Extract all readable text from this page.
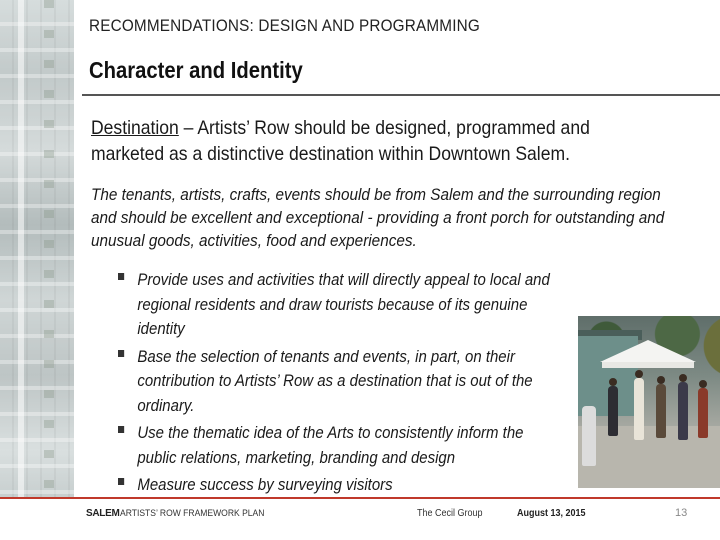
RECOMMENDATIONS: DESIGN AND PROGRAMMING
Character and Identity
Destination – Artists’ Row should be designed, programmed and marketed as a distinctive destination within Downtown Salem.
The tenants, artists, crafts, events should be from Salem and the surrounding region and should be excellent and exceptional - providing a front porch for outstanding and unusual goods, activities, food and experiences.
Provide uses and activities that will directly appeal to local and regional residents and draw tourists because of its genuine identity
Base the selection of tenants and events, in part, on their contribution to Artists’ Row as a destination that is out of the ordinary.
Use the thematic idea of the Arts to consistently inform the public relations, marketing, branding and design
Measure success by surveying visitors
SALEM ARTISTS’ ROW FRAMEWORK PLAN	The Cecil Group	August 13, 2015	13
